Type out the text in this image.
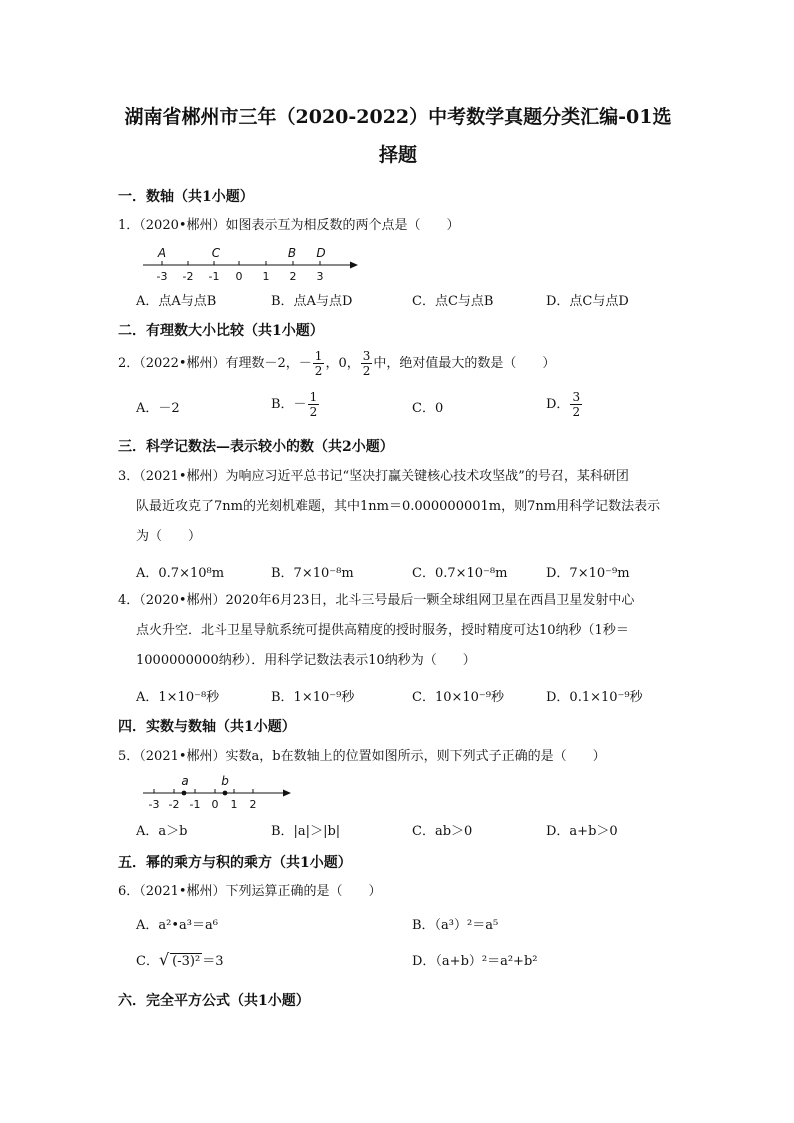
湖南省郴州市三年（2020-2022）中考数学真题分类汇编-01选择题
一．数轴（共1小题）
1．（2020•郴州）如图表示互为相反数的两个点是（　　）
-3 -2 -1 0 1 2 3
A	C	B D
A．点A与点B	B．点A与点D	C．点C与点B	D．点C与点D
二．有理数大小比较（共1小题）
2．（2022•郴州）有理数－2，－ $\frac{1}{2}$ ，0， $\frac{3}{2}$ 中，绝对值最大的数是（　　）
A．－2	B．－ $\frac{1}{2}$	C．0	D． $\frac{3}{2}$
三．科学记数法—表示较小的数（共2小题）
3．（2021•郴州）为响应习近平总书记“坚决打赢关键核心技术攻坚战”的号召，某科研团
队最近攻克了7nm的光刻机难题，其中1nm＝0.000000001m，则7nm用科学记数法表示
为（　　）
A．0.7×10⁸m	B．7×10⁻⁸m	C．0.7×10⁻⁸m	D．7×10⁻⁹m
4．（2020•郴州）2020年6月23日，北斗三号最后一颗全球组网卫星在西昌卫星发射中心
点火升空．北斗卫星导航系统可提供高精度的授时服务，授时精度可达10纳秒（1秒＝
1000000000纳秒）．用科学记数法表示10纳秒为（　　）
A．1×10⁻⁸秒	B．1×10⁻⁹秒	C．10×10⁻⁹秒	D．0.1×10⁻⁹秒
四．实数与数轴（共1小题）
5．（2021•郴州）实数a，b在数轴上的位置如图所示，则下列式子正确的是（　　）
-3 -2 -1 0 1 2
a	b
A．a＞b	B．|a|＞|b|	C．ab＞0	D．a+b＞0
五．幂的乘方与积的乘方（共1小题）
6．（2021•郴州）下列运算正确的是（　　）
A．a²•a³＝a⁶	B．（a³）²＝a⁵
C．√ (-3)² ＝3	D．（a+b）²＝a²+b²
六．完全平方公式（共1小题）
